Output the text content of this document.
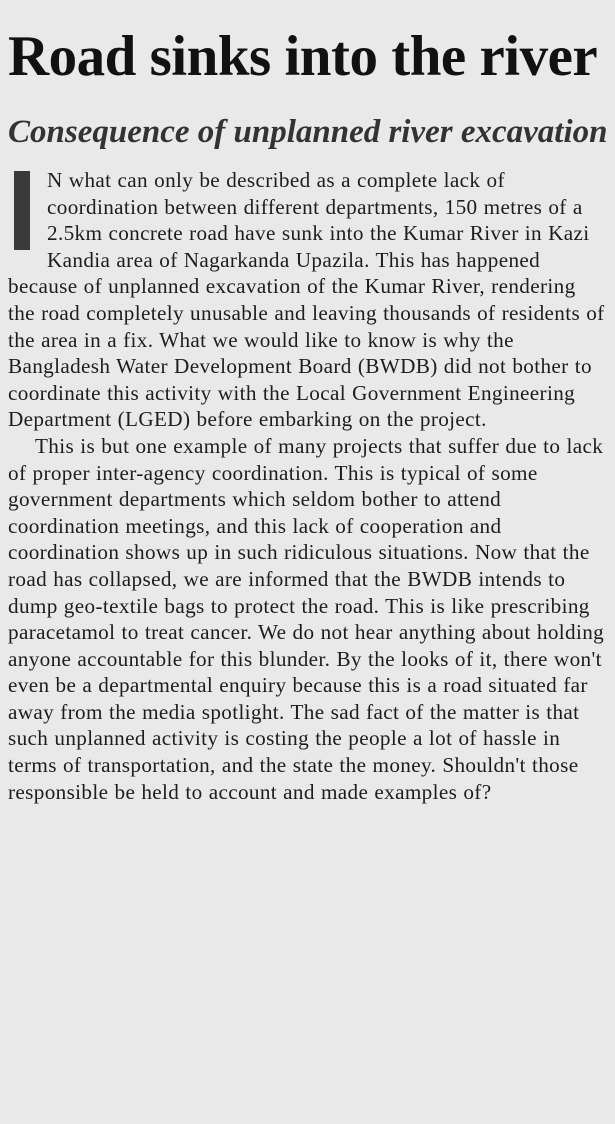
Road sinks into the river
Consequence of unplanned river excavation

N what can only be described as a complete lack of coordination between different departments, 150 metres of a 2.5km concrete road have sunk into the Kumar River in Kazi Kandia area of Nagarkanda Upazila. This has happened because of unplanned excavation of the Kumar River, rendering the road completely unusable and leaving thousands of residents of the area in a fix. What we would like to know is why the Bangladesh Water Development Board (BWDB) did not bother to coordinate this activity with the Local Government Engineering Department (LGED) before embarking on the project.

This is but one example of many projects that suffer due to lack of proper inter-agency coordination. This is typical of some government departments which seldom bother to attend coordination meetings, and this lack of cooperation and coordination shows up in such ridiculous situations. Now that the road has collapsed, we are informed that the BWDB intends to dump geo-textile bags to protect the road. This is like prescribing paracetamol to treat cancer. We do not hear anything about holding anyone accountable for this blunder. By the looks of it, there won't even be a departmental enquiry because this is a road situated far away from the media spotlight. The sad fact of the matter is that such unplanned activity is costing the people a lot of hassle in terms of transportation, and the state the money. Shouldn't those responsible be held to account and made examples of?
